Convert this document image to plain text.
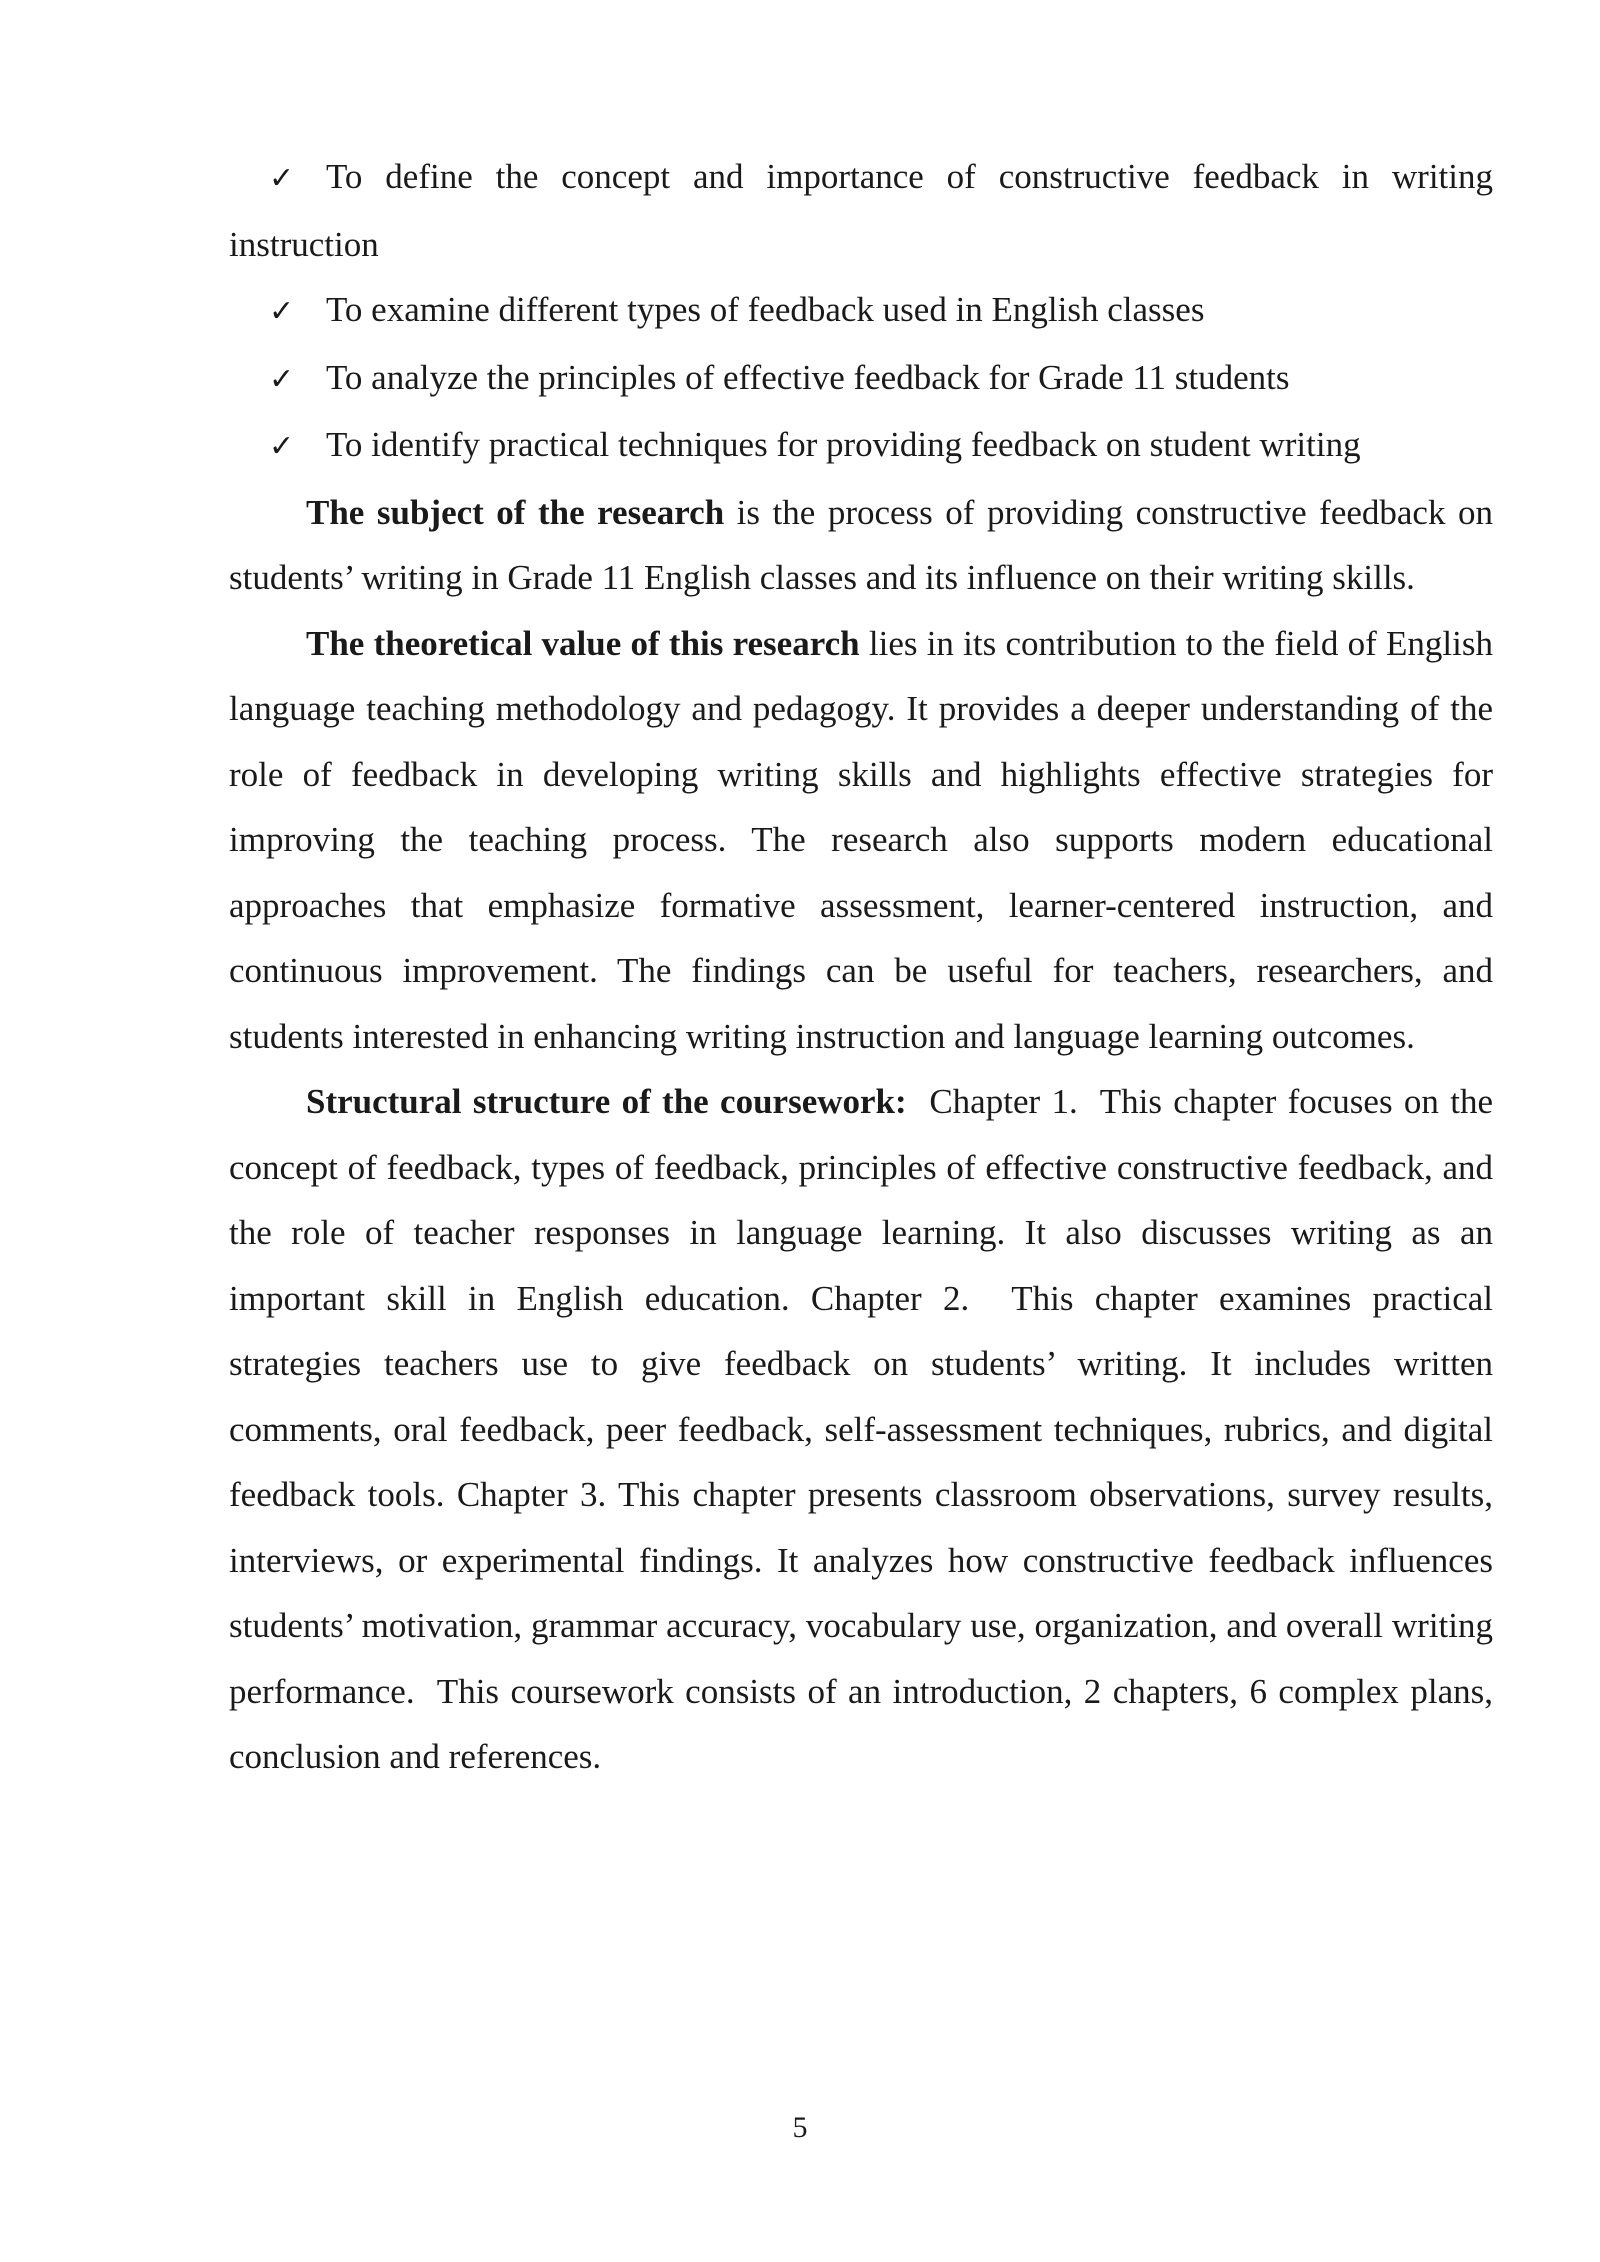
✓ To define the concept and importance of constructive feedback in writing instruction
✓ To examine different types of feedback used in English classes
✓ To analyze the principles of effective feedback for Grade 11 students
✓ To identify practical techniques for providing feedback on student writing

The subject of the research is the process of providing constructive feedback on students’ writing in Grade 11 English classes and its influence on their writing skills.

The theoretical value of this research lies in its contribution to the field of English language teaching methodology and pedagogy. It provides a deeper understanding of the role of feedback in developing writing skills and highlights effective strategies for improving the teaching process. The research also supports modern educational approaches that emphasize formative assessment, learner-centered instruction, and continuous improvement. The findings can be useful for teachers, researchers, and students interested in enhancing writing instruction and language learning outcomes.

Structural structure of the coursework:  Chapter 1.  This chapter focuses on the concept of feedback, types of feedback, principles of effective constructive feedback, and the role of teacher responses in language learning. It also discusses writing as an important skill in English education. Chapter 2.  This chapter examines practical strategies teachers use to give feedback on students’ writing. It includes written comments, oral feedback, peer feedback, self-assessment techniques, rubrics, and digital feedback tools. Chapter 3. This chapter presents classroom observations, survey results, interviews, or experimental findings. It analyzes how constructive feedback influences students’ motivation, grammar accuracy, vocabulary use, organization, and overall writing performance.  This coursework consists of an introduction, 2 chapters, 6 complex plans, conclusion and references.

5
